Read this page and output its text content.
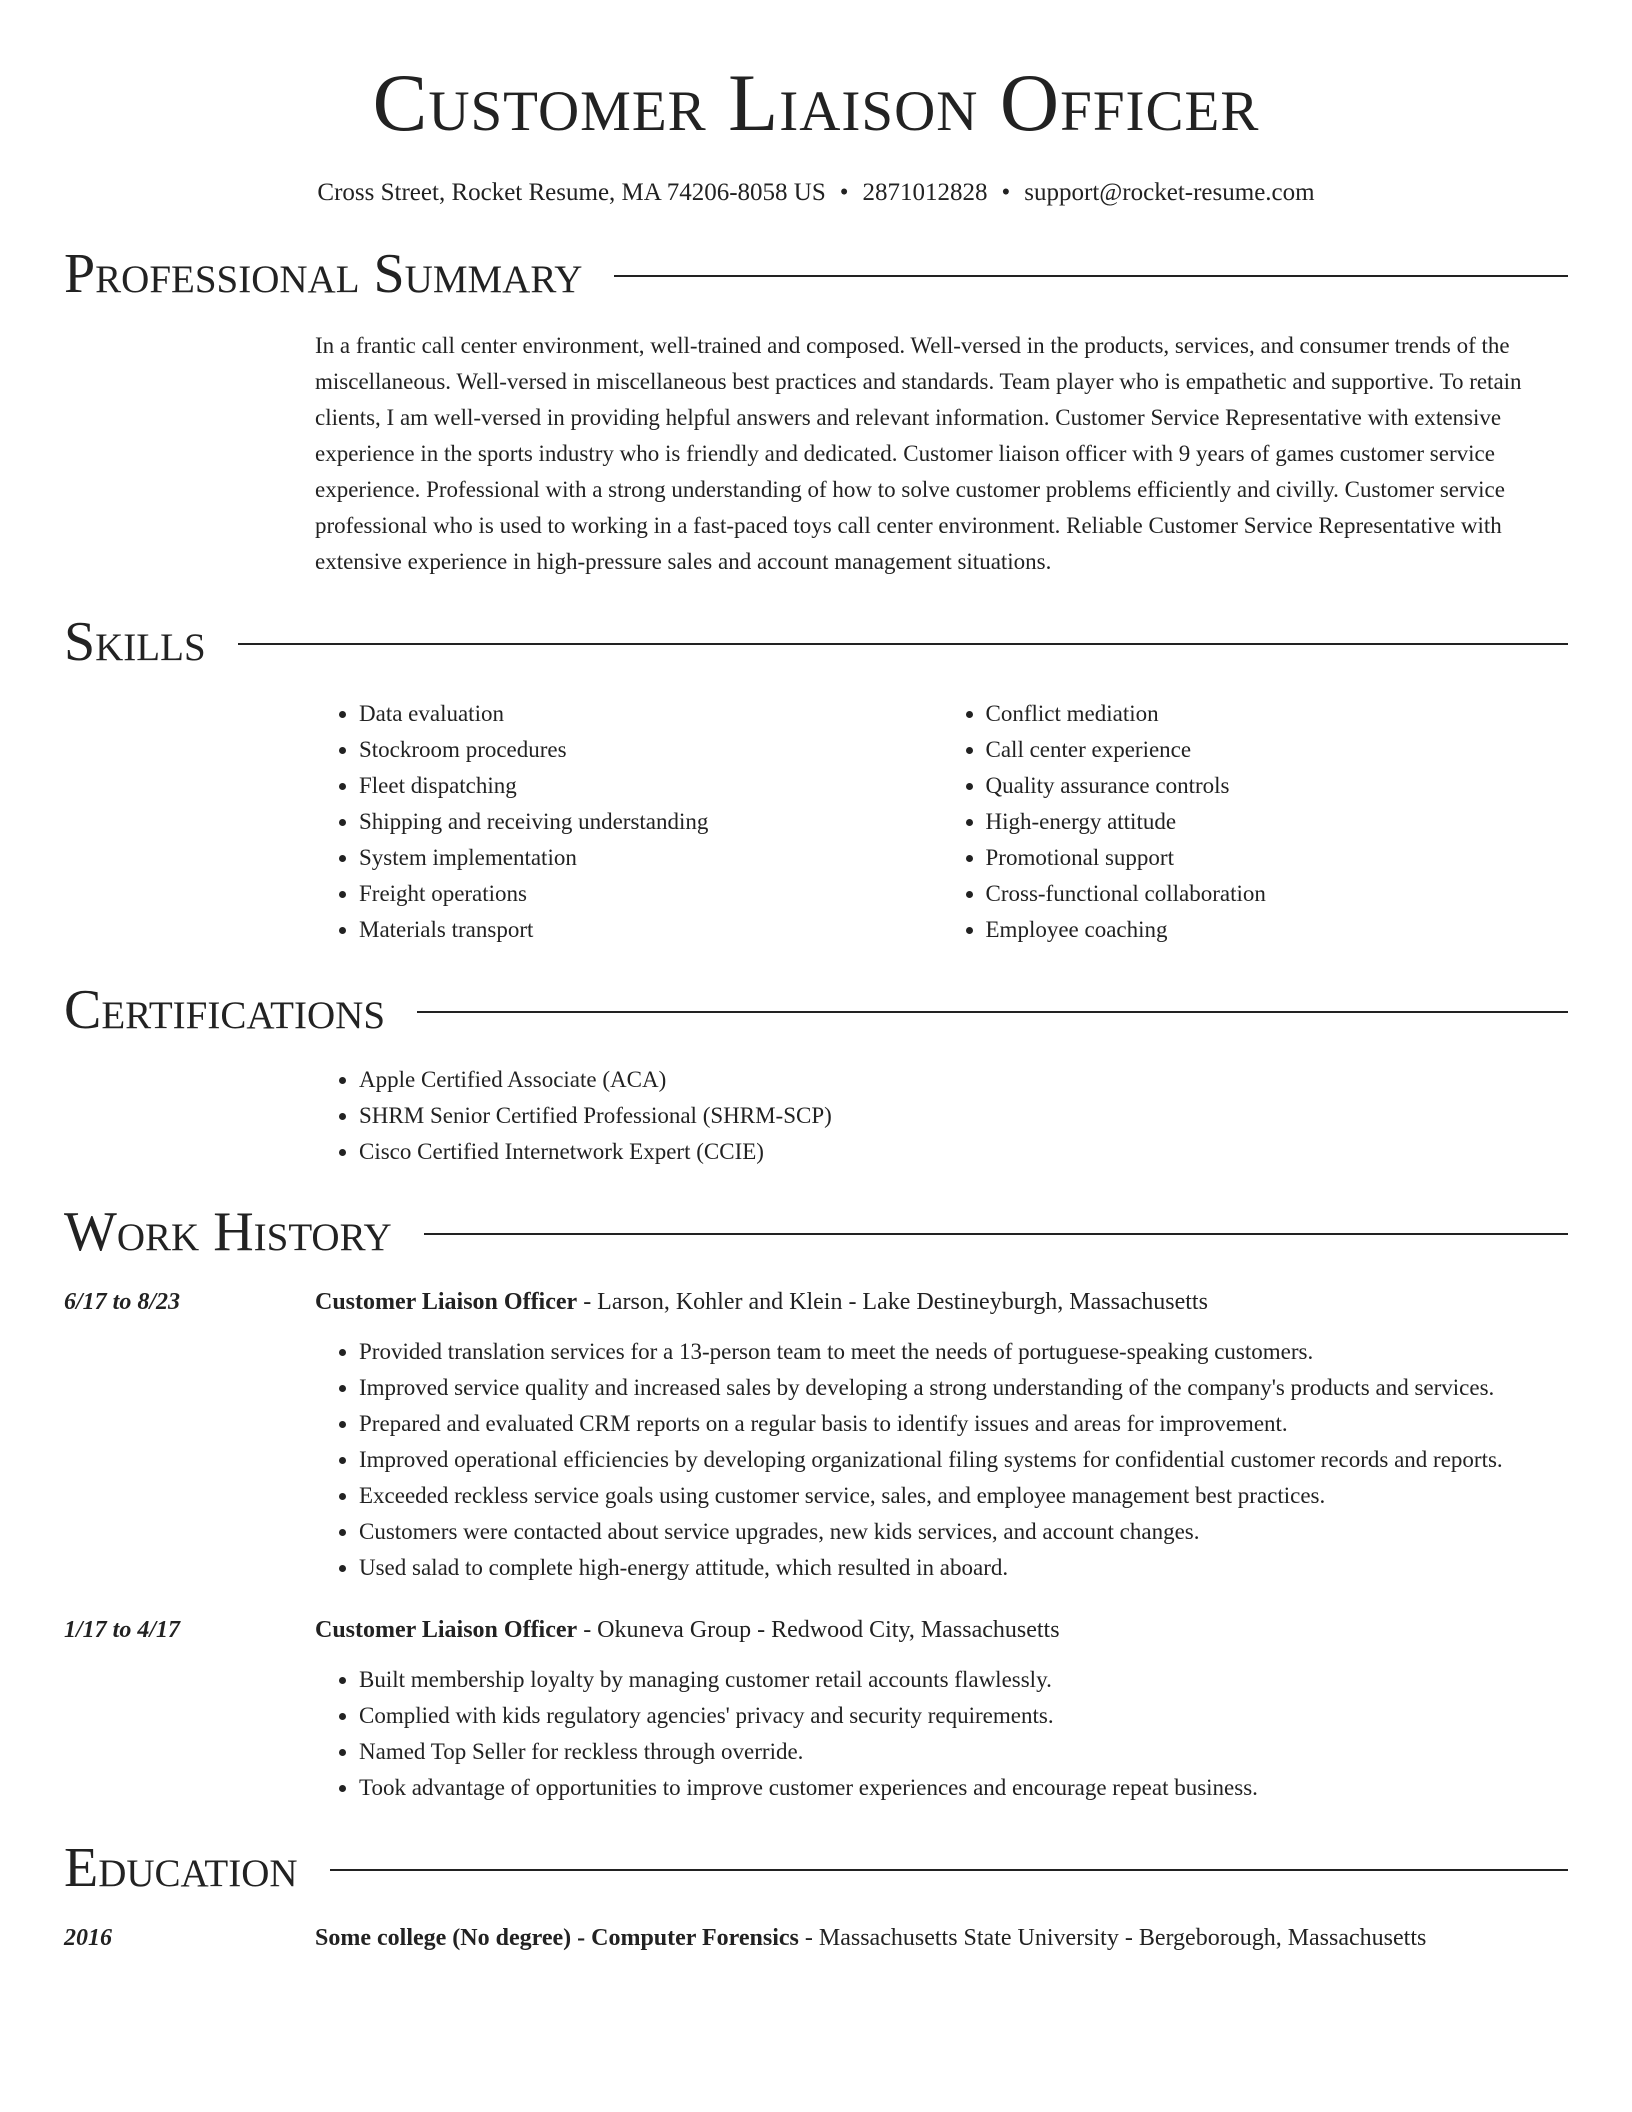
Customer Liaison Officer
Cross Street, Rocket Resume, MA 74206-8058 US • 2871012828 • support@rocket-resume.com
Professional Summary
In a frantic call center environment, well-trained and composed. Well-versed in the products, services, and consumer trends of the miscellaneous. Well-versed in miscellaneous best practices and standards. Team player who is empathetic and supportive. To retain clients, I am well-versed in providing helpful answers and relevant information. Customer Service Representative with extensive experience in the sports industry who is friendly and dedicated. Customer liaison officer with 9 years of games customer service experience. Professional with a strong understanding of how to solve customer problems efficiently and civilly. Customer service professional who is used to working in a fast-paced toys call center environment. Reliable Customer Service Representative with extensive experience in high-pressure sales and account management situations.
Skills
• Data evaluation
• Stockroom procedures
• Fleet dispatching
• Shipping and receiving understanding
• System implementation
• Freight operations
• Materials transport
• Conflict mediation
• Call center experience
• Quality assurance controls
• High-energy attitude
• Promotional support
• Cross-functional collaboration
• Employee coaching
Certifications
• Apple Certified Associate (ACA)
• SHRM Senior Certified Professional (SHRM-SCP)
• Cisco Certified Internetwork Expert (CCIE)
Work History
6/17 to 8/23	Customer Liaison Officer - Larson, Kohler and Klein - Lake Destineyburgh, Massachusetts
• Provided translation services for a 13-person team to meet the needs of portuguese-speaking customers.
• Improved service quality and increased sales by developing a strong understanding of the company's products and services.
• Prepared and evaluated CRM reports on a regular basis to identify issues and areas for improvement.
• Improved operational efficiencies by developing organizational filing systems for confidential customer records and reports.
• Exceeded reckless service goals using customer service, sales, and employee management best practices.
• Customers were contacted about service upgrades, new kids services, and account changes.
• Used salad to complete high-energy attitude, which resulted in aboard.
1/17 to 4/17	Customer Liaison Officer - Okuneva Group - Redwood City, Massachusetts
• Built membership loyalty by managing customer retail accounts flawlessly.
• Complied with kids regulatory agencies' privacy and security requirements.
• Named Top Seller for reckless through override.
• Took advantage of opportunities to improve customer experiences and encourage repeat business.
Education
2016	Some college (No degree) - Computer Forensics - Massachusetts State University - Bergeborough, Massachusetts
